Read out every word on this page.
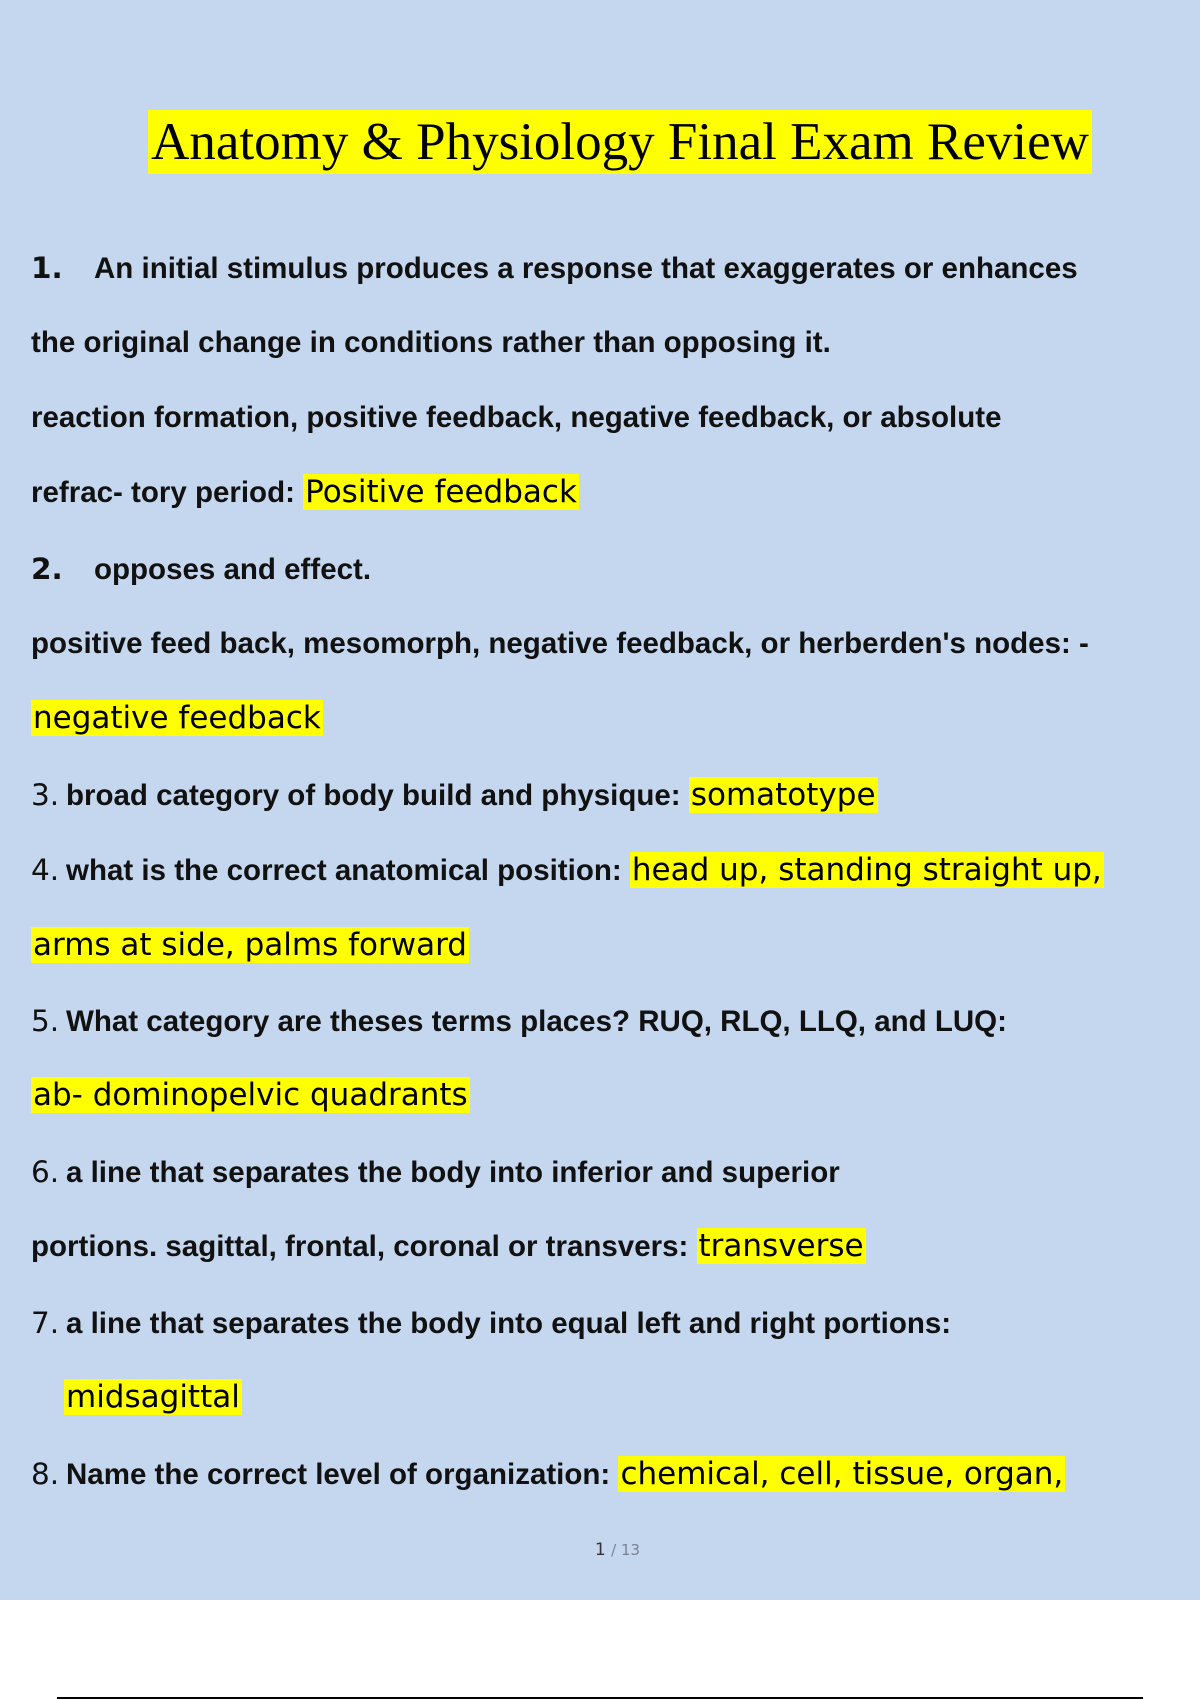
Anatomy & Physiology Final Exam Review
1. An initial stimulus produces a response that exaggerates or enhances
the original change in conditions rather than opposing it.
reaction formation, positive feedback, negative feedback, or absolute
refrac- tory period: Positive feedback
2. opposes and effect.
positive feed back, mesomorph, negative feedback, or herberden's nodes: -
negative feedback
3. broad category of body build and physique: somatotype
4. what is the correct anatomical position: head up, standing straight up,
arms at side, palms forward
5. What category are theses terms places? RUQ, RLQ, LLQ, and LUQ:
ab- dominopelvic quadrants
6. a line that separates the body into inferior and superior
portions. sagittal, frontal, coronal or transvers: transverse
7. a line that separates the body into equal left and right portions:
midsagittal
8. Name the correct level of organization: chemical, cell, tissue, organ,
1 / 13
